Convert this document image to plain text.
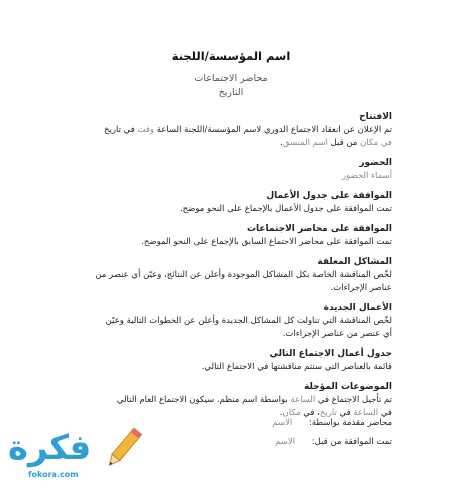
اسم المؤسسة/اللجنة
محاضر الاجتماعات
التاريخ
الافتتاح
تم الإعلان عن انعقاد الاجتماع الدوري لاسم المؤسسة/اللجنة الساعة وقت في تاريخ
في مكان من قبل اسم المنسق.
الحضور
أسماء الحضور
الموافقة على جدول الأعمال
تمت الموافقة على جدول الأعمال بالإجماع على النحو موضح.
الموافقة على محاضر الاجتماعات
تمت الموافقة على محاضر الاجتماع السابق بالإجماع على النحو الموضح.
المشاكل المعلقة
لخّص المناقشة الخاصة بكل المشاكل الموجودة وأعلن عن النتائج، وعيّن أي عنصر من
عناصر الإجراءات.
الأعمال الجديدة
لخّص المناقشة التي تناولت كل المشاكل الجديدة وأعلن عن الخطوات التالية وعيّن
أي عنصر من عناصر الإجراءات.
جدول أعمال الاجتماع التالي
قائمة بالعناصر التي ستتم مناقشتها في الاجتماع التالي.
الموضوعات المؤجلة
تم تأجيل الاجتماع في الساعة بواسطة اسم منظم. سيكون الاجتماع العام التالي
في الساعة في تاريخ، في مكان.
محاضر مقدمة بواسطة: الاسم
تمت الموافقة من قبل: الاسم
فكرة
fokora.com
